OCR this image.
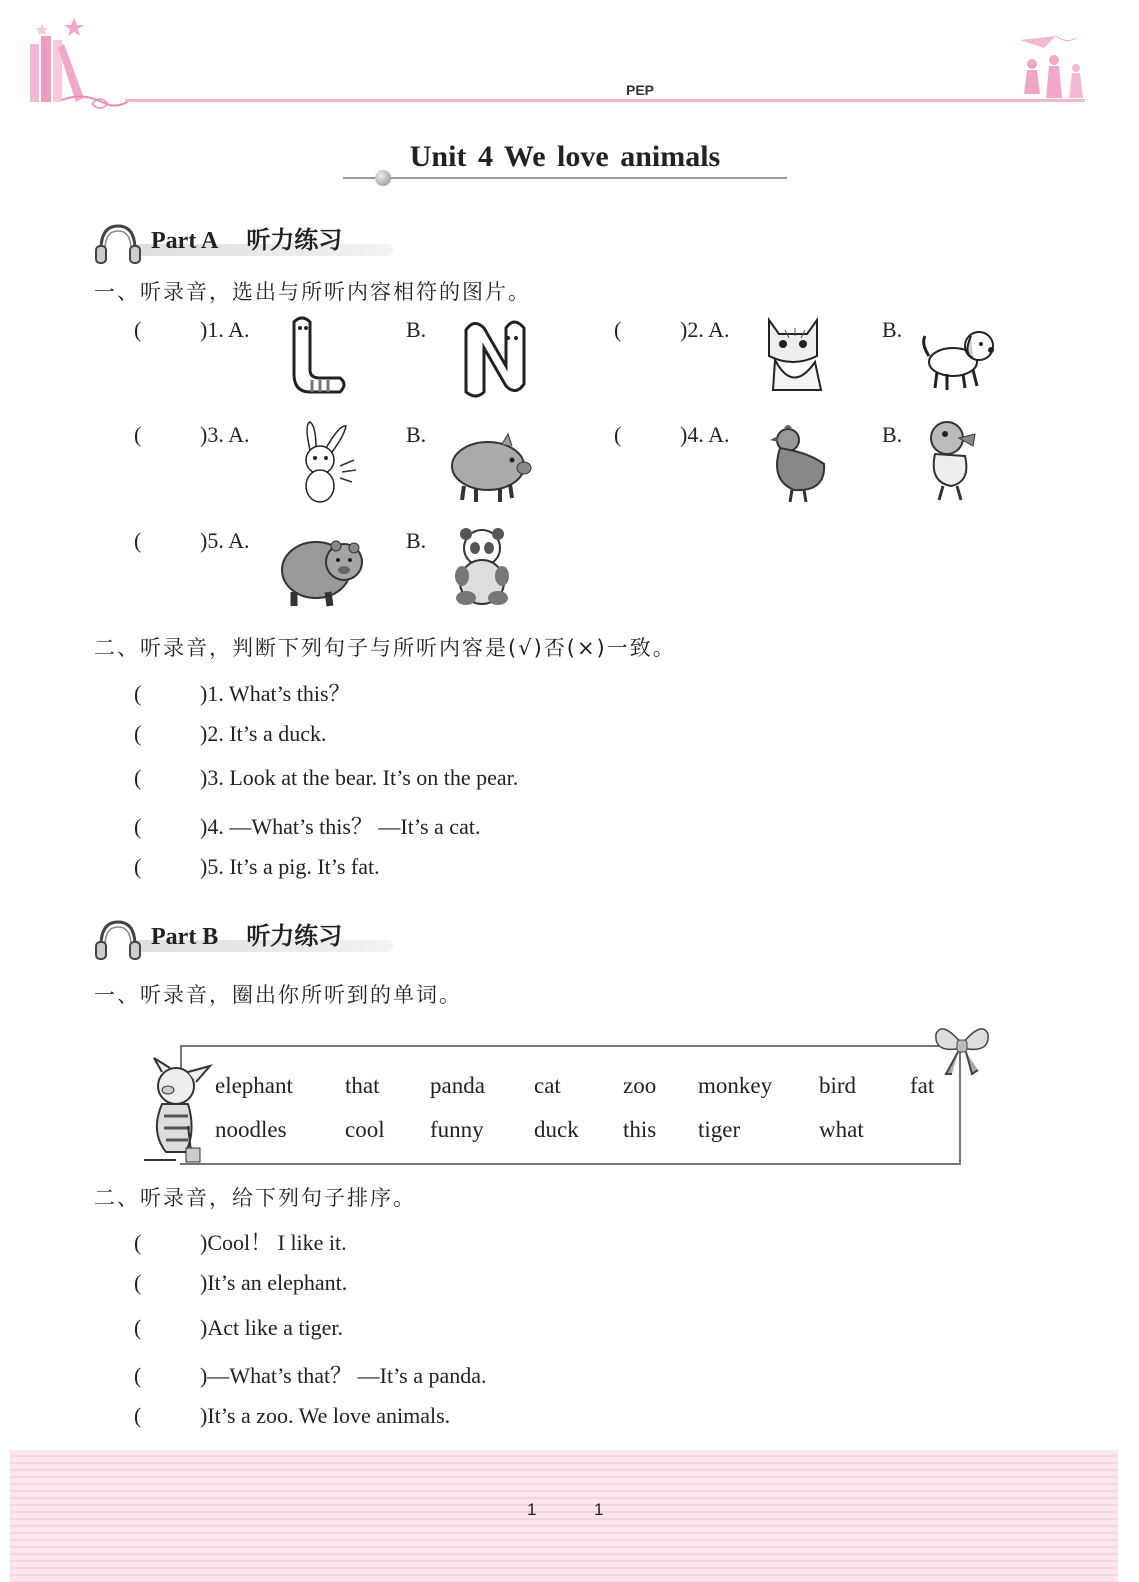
PEP
Unit 4 We love animals
Part A 听力练习
一、听录音，选出与所听内容相符的图片。
(	)1. A.	B.	(	)2. A.	B.
(	)3. A.	B.	(	)4. A.	B.
(	)5. A.	B.
二、听录音，判断下列句子与所听内容是(√)否(×)一致。
(	)1. What’s this？
(	)2. It’s a duck.
(	)3. Look at the bear. It’s on the pear.
(	)4. —What’s this？ —It’s a cat.
(	)5. It’s a pig. It’s fat.
Part B 听力练习
一、听录音，圈出你所听到的单词。
elephant that panda cat	zoo monkey bird fat
noodles	cool funny duck this tiger	what
二、听录音，给下列句子排序。
(	)Cool！ I like it.
(	)It’s an elephant.
(	)Act like a tiger.
(	)—What’s that？ —It’s a panda.
(	)It’s a zoo. We love animals.
1	1
